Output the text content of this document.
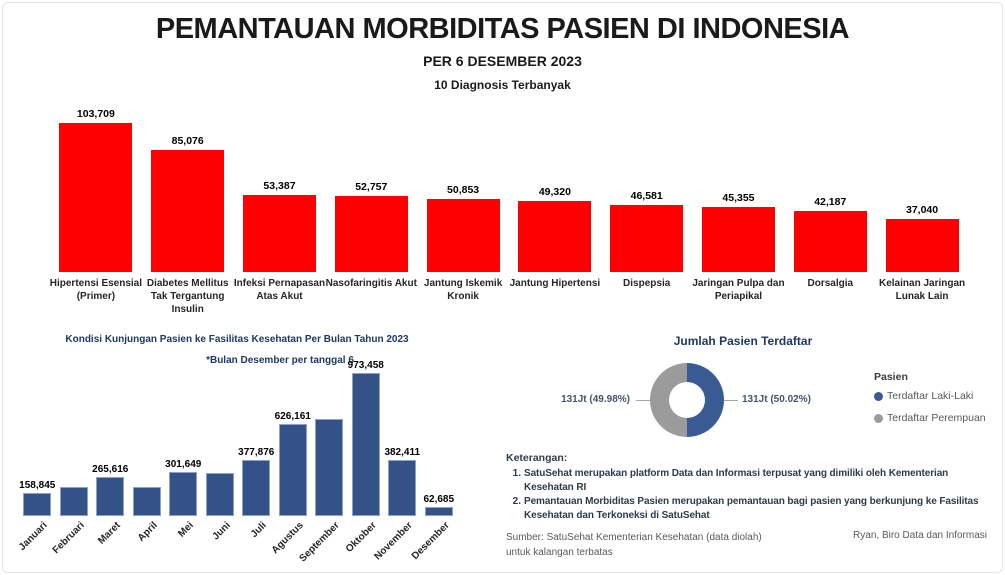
PEMANTAUAN MORBIDITAS PASIEN DI INDONESIA
PER 6 DESEMBER 2023
10 Diagnosis Terbanyak
103,709
85,076
53,387	52,757	50,853	49,320	46,581	45,355	42,187
37,040
Hipertensi Esensial
(Primer)
Diabetes Mellitus
Tak Tergantung
Insulin
Infeksi Pernapasan
Atas Akut
Nasofaringitis Akut Jantung Iskemik
Kronik
Jantung Hipertensi Dispepsia Jaringan Pulpa dan
Periapikal
Dorsalgia	Kelainan Jaringan
Lunak Lain
Kondisi Kunjungan Pasien ke Fasilitas Kesehatan Per Bulan Tahun 2023
*Bulan Desember per tanggal 6
158,845
265,616	301,649
377,876
626,161
973,458
382,411
62,685
Januari Februari Maret	April	Mei	Juni	Juli Agustus
September Oktober
November
Desember
Jumlah Pasien Terdaftar
131Jt (49.98%)	131Jt (50.02%)
Pasien
Terdaftar Laki-Laki
Terdaftar Perempuan
Keterangan:
1. SatuSehat merupakan platform Data dan Informasi terpusat yang dimiliki oleh Kementerian
Kesehatan RI
2. Pemantauan Morbiditas Pasien merupakan pemantauan bagi pasien yang berkunjung ke Fasilitas
Kesehatan dan Terkoneksi di SatuSehat
Sumber: SatuSehat Kementerian Kesehatan (data diolah)
untuk kalangan terbatas
Ryan, Biro Data dan Informasi
